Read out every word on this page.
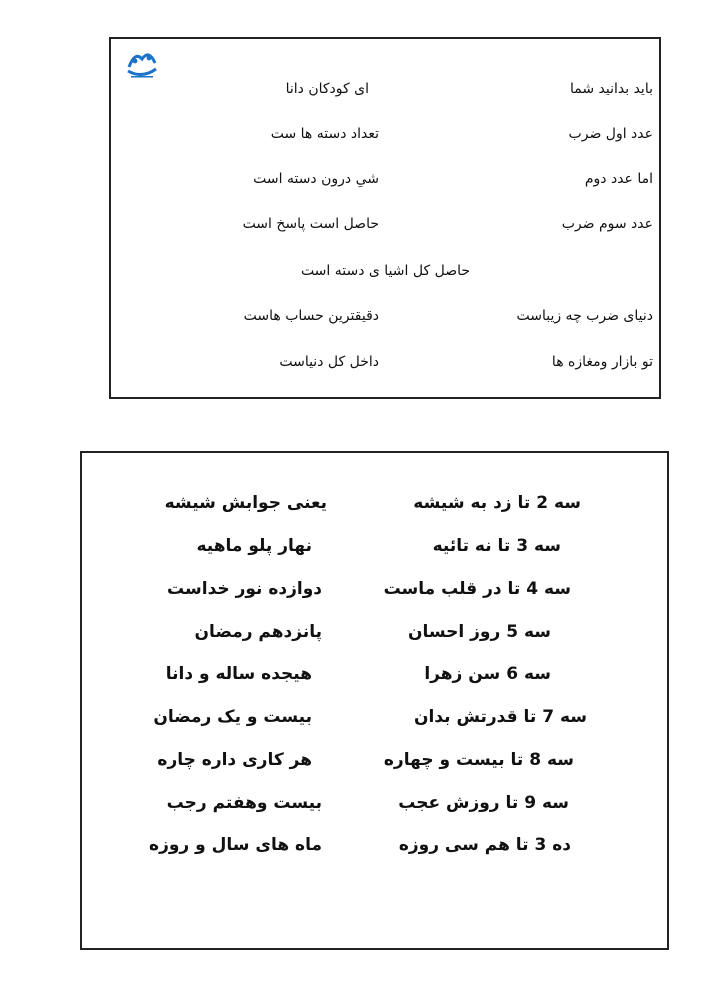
باید بدانید شما
ای کودکان دانا
عدد اول ضرب
تعداد دسته ها ست
اما عدد دوم
شیِ درون دسته است
عدد سوم ضرب
حاصل است پاسخ است
حاصل کل اشیا ی دسته است
دنیای ضرب چه زیباست
دقیقترین حساب هاست
تو بازار ومغازه ها
داخل کل دنیاست
سه 2 تا زد به شیشه
یعنی جوابش شیشه
سه 3 تا نه تائیه
نهار پلو ماهیه
سه 4 تا در قلب ماست
دوازده نور خداست
سه 5 روز احسان
پانزدهم رمضان
سه 6 سن زهرا
هیجده ساله و دانا
سه 7 تا قدرتش بدان
بیست و یک رمضان
سه 8 تا بیست و چهاره
هر کاری داره چاره
سه 9 تا روزش عجب
بیست وهفتم رجب
ده 3 تا هم سی روزه
ماه های سال و روزه
